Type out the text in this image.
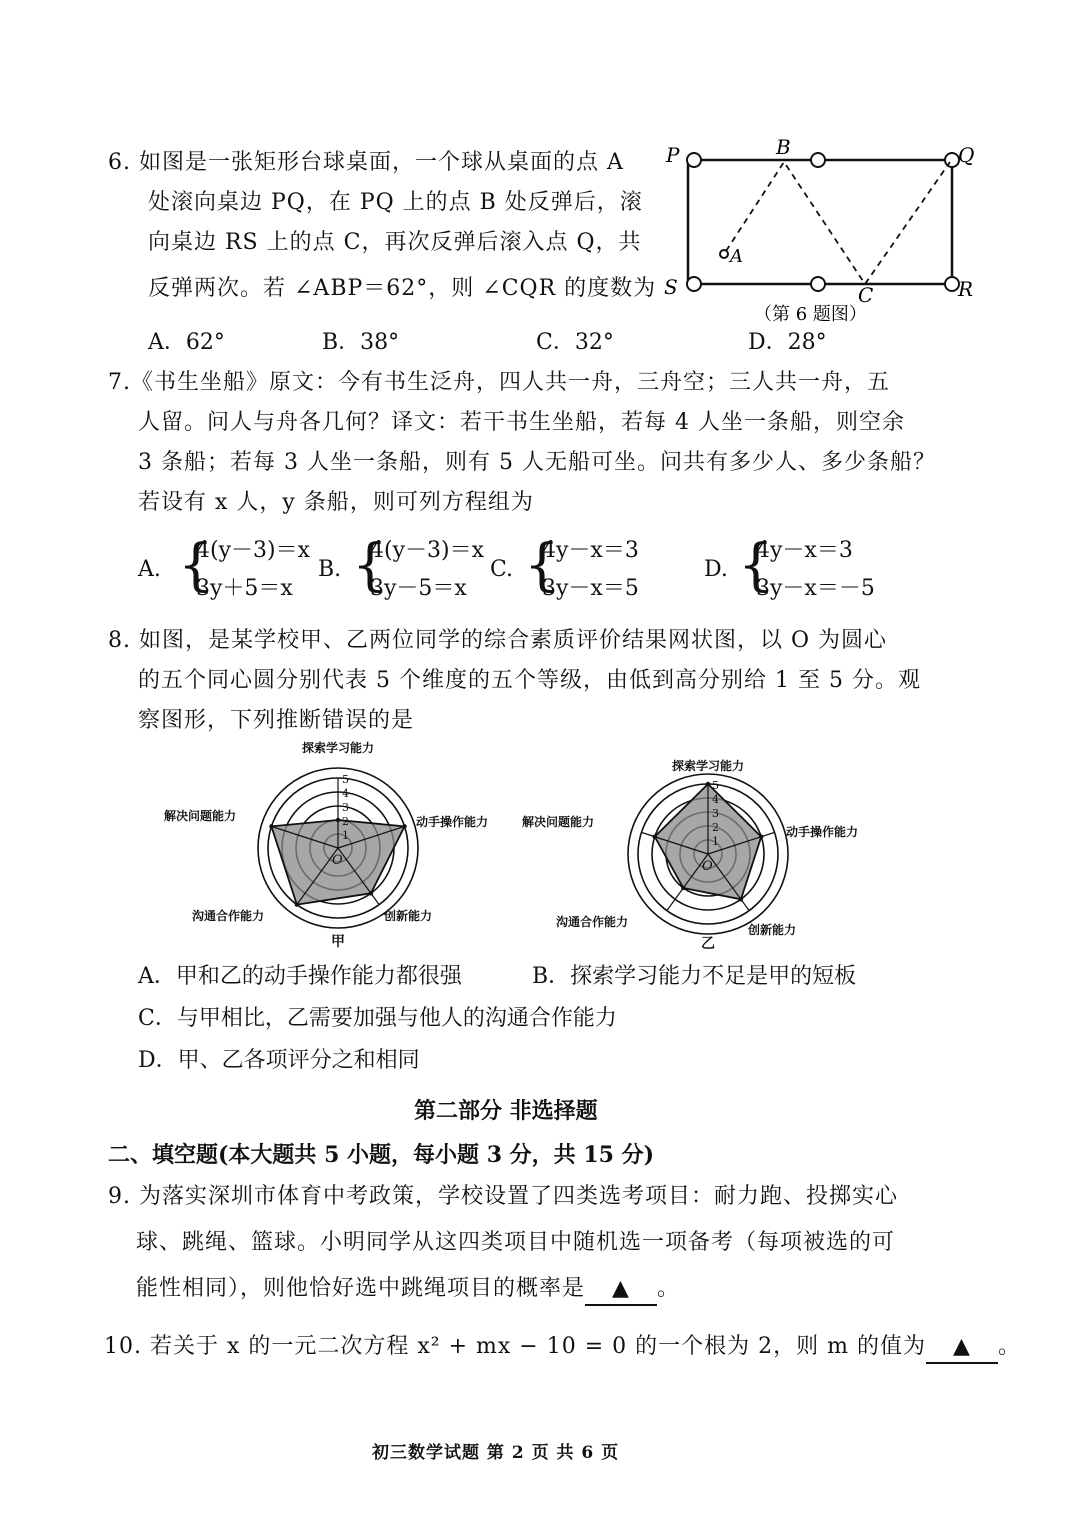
6. 如图是一张矩形台球桌面，一个球从桌面的点 A
处滚向桌边 PQ，在 PQ 上的点 B 处反弹后，滚
向桌边 RS 上的点 C，再次反弹后滚入点 Q，共
反弹两次。若 ∠ABP＝62°，则 ∠CQR 的度数为
P	B	Q
A
S	C	R
（第 6 题图）
A．62°	B．38°	C．32°	D．28°
7.《书生坐船》原文：今有书生泛舟，四人共一舟，三舟空；三人共一舟，五
人留。问人与舟各几何？译文：若干书生坐船，若每 4 人坐一条船，则空余
3 条船；若每 3 人坐一条船，则有 5 人无船可坐。问共有多少人、多少条船？
若设有 x 人，y 条船，则可列方程组为
A. {
4(y－3)＝x
3y＋5＝x
B. {
4(y－3)＝x
3y－5＝x
C. {
4y－x＝3
3y－x＝5
D. {
4y－x＝3
3y－x＝－5
8. 如图，是某学校甲、乙两位同学的综合素质评价结果网状图，以 O 为圆心
的五个同心圆分别代表 5 个维度的五个等级，由低到高分别给 1 至 5 分。观
察图形，下列推断错误的是
探索学习能力
动手操作能力
创新能力
沟通合作能力
解决问题能力
1
2
3
4
5
O
甲
探索学习能力
动手操作能力
创新能力
沟通合作能力
解决问题能力
1
2
3
4
5
O
乙
A．甲和乙的动手操作能力都很强	B．探索学习能力不足是甲的短板
C．与甲相比，乙需要加强与他人的沟通合作能力
D．甲、乙各项评分之和相同
第二部分 非选择题
二、填空题(本大题共 5 小题，每小题 3 分，共 15 分)
9. 为落实深圳市体育中考政策，学校设置了四类选考项目：耐力跑、投掷实心
球、跳绳、篮球。小明同学从这四类项目中随机选一项备考（每项被选的可
能性相同），则他恰好选中跳绳项目的概率是 ▲ 。
10. 若关于 x 的一元二次方程 x² + mx − 10 = 0 的一个根为 2，则 m 的值为 ▲ 。
初三数学试题 第 2 页 共 6 页
